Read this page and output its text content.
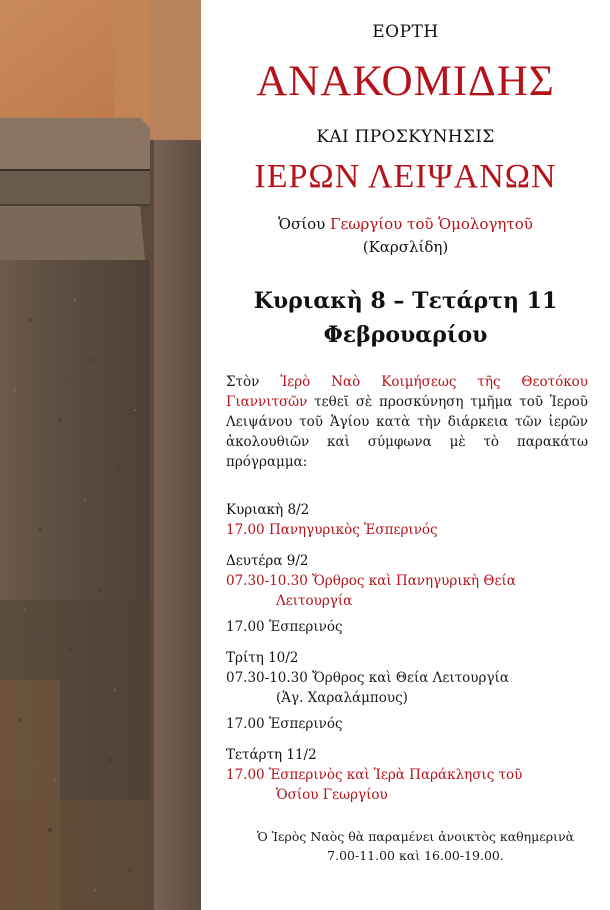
ΕΟΡΤΗ
ΑΝΑΚΟΜΙΔΗΣ
ΚΑΙ ΠΡΟΣΚΥΝΗΣΙΣ
ΙΕΡΩΝ ΛΕΙΨΑΝΩΝ
Ὁσίου Γεωργίου τοῦ Ὁμολογητοῦ
(Καρσλίδη)
Κυριακὴ 8 – Τετάρτη 11
Φεβρουαρίου
Στὸν Ἱερὸ Ναὸ Κοιμήσεως τῆς Θεοτόκου Γιαννιτσῶν τεθεῖ σὲ προσκύνηση τμῆμα τοῦ Ἱεροῦ Λειψάνου τοῦ Ἁγίου κατὰ τὴν διάρκεια τῶν ἱερῶν ἀκολουθιῶν καὶ σύμφωνα μὲ τὸ παρακάτω πρόγραμμα:
Κυριακὴ 8/2
17.00 Πανηγυρικὸς Ἑσπερινός
Δευτέρα 9/2
07.30-10.30 Ὄρθρος καὶ Πανηγυρικὴ Θεία
Λειτουργία
17.00 Ἑσπερινός
Τρίτη 10/2
07.30-10.30 Ὄρθρος καὶ Θεία Λειτουργία
(Ἁγ. Χαραλάμπους)
17.00 Ἑσπερινός
Τετάρτη 11/2
17.00 Ἑσπερινὸς καὶ Ἱερὰ Παράκλησις τοῦ
Ὁσίου Γεωργίου
Ὁ Ἱερὸς Ναὸς θὰ παραμένει ἀνοικτὸς καθημερινὰ
7.00-11.00 καὶ 16.00-19.00.
